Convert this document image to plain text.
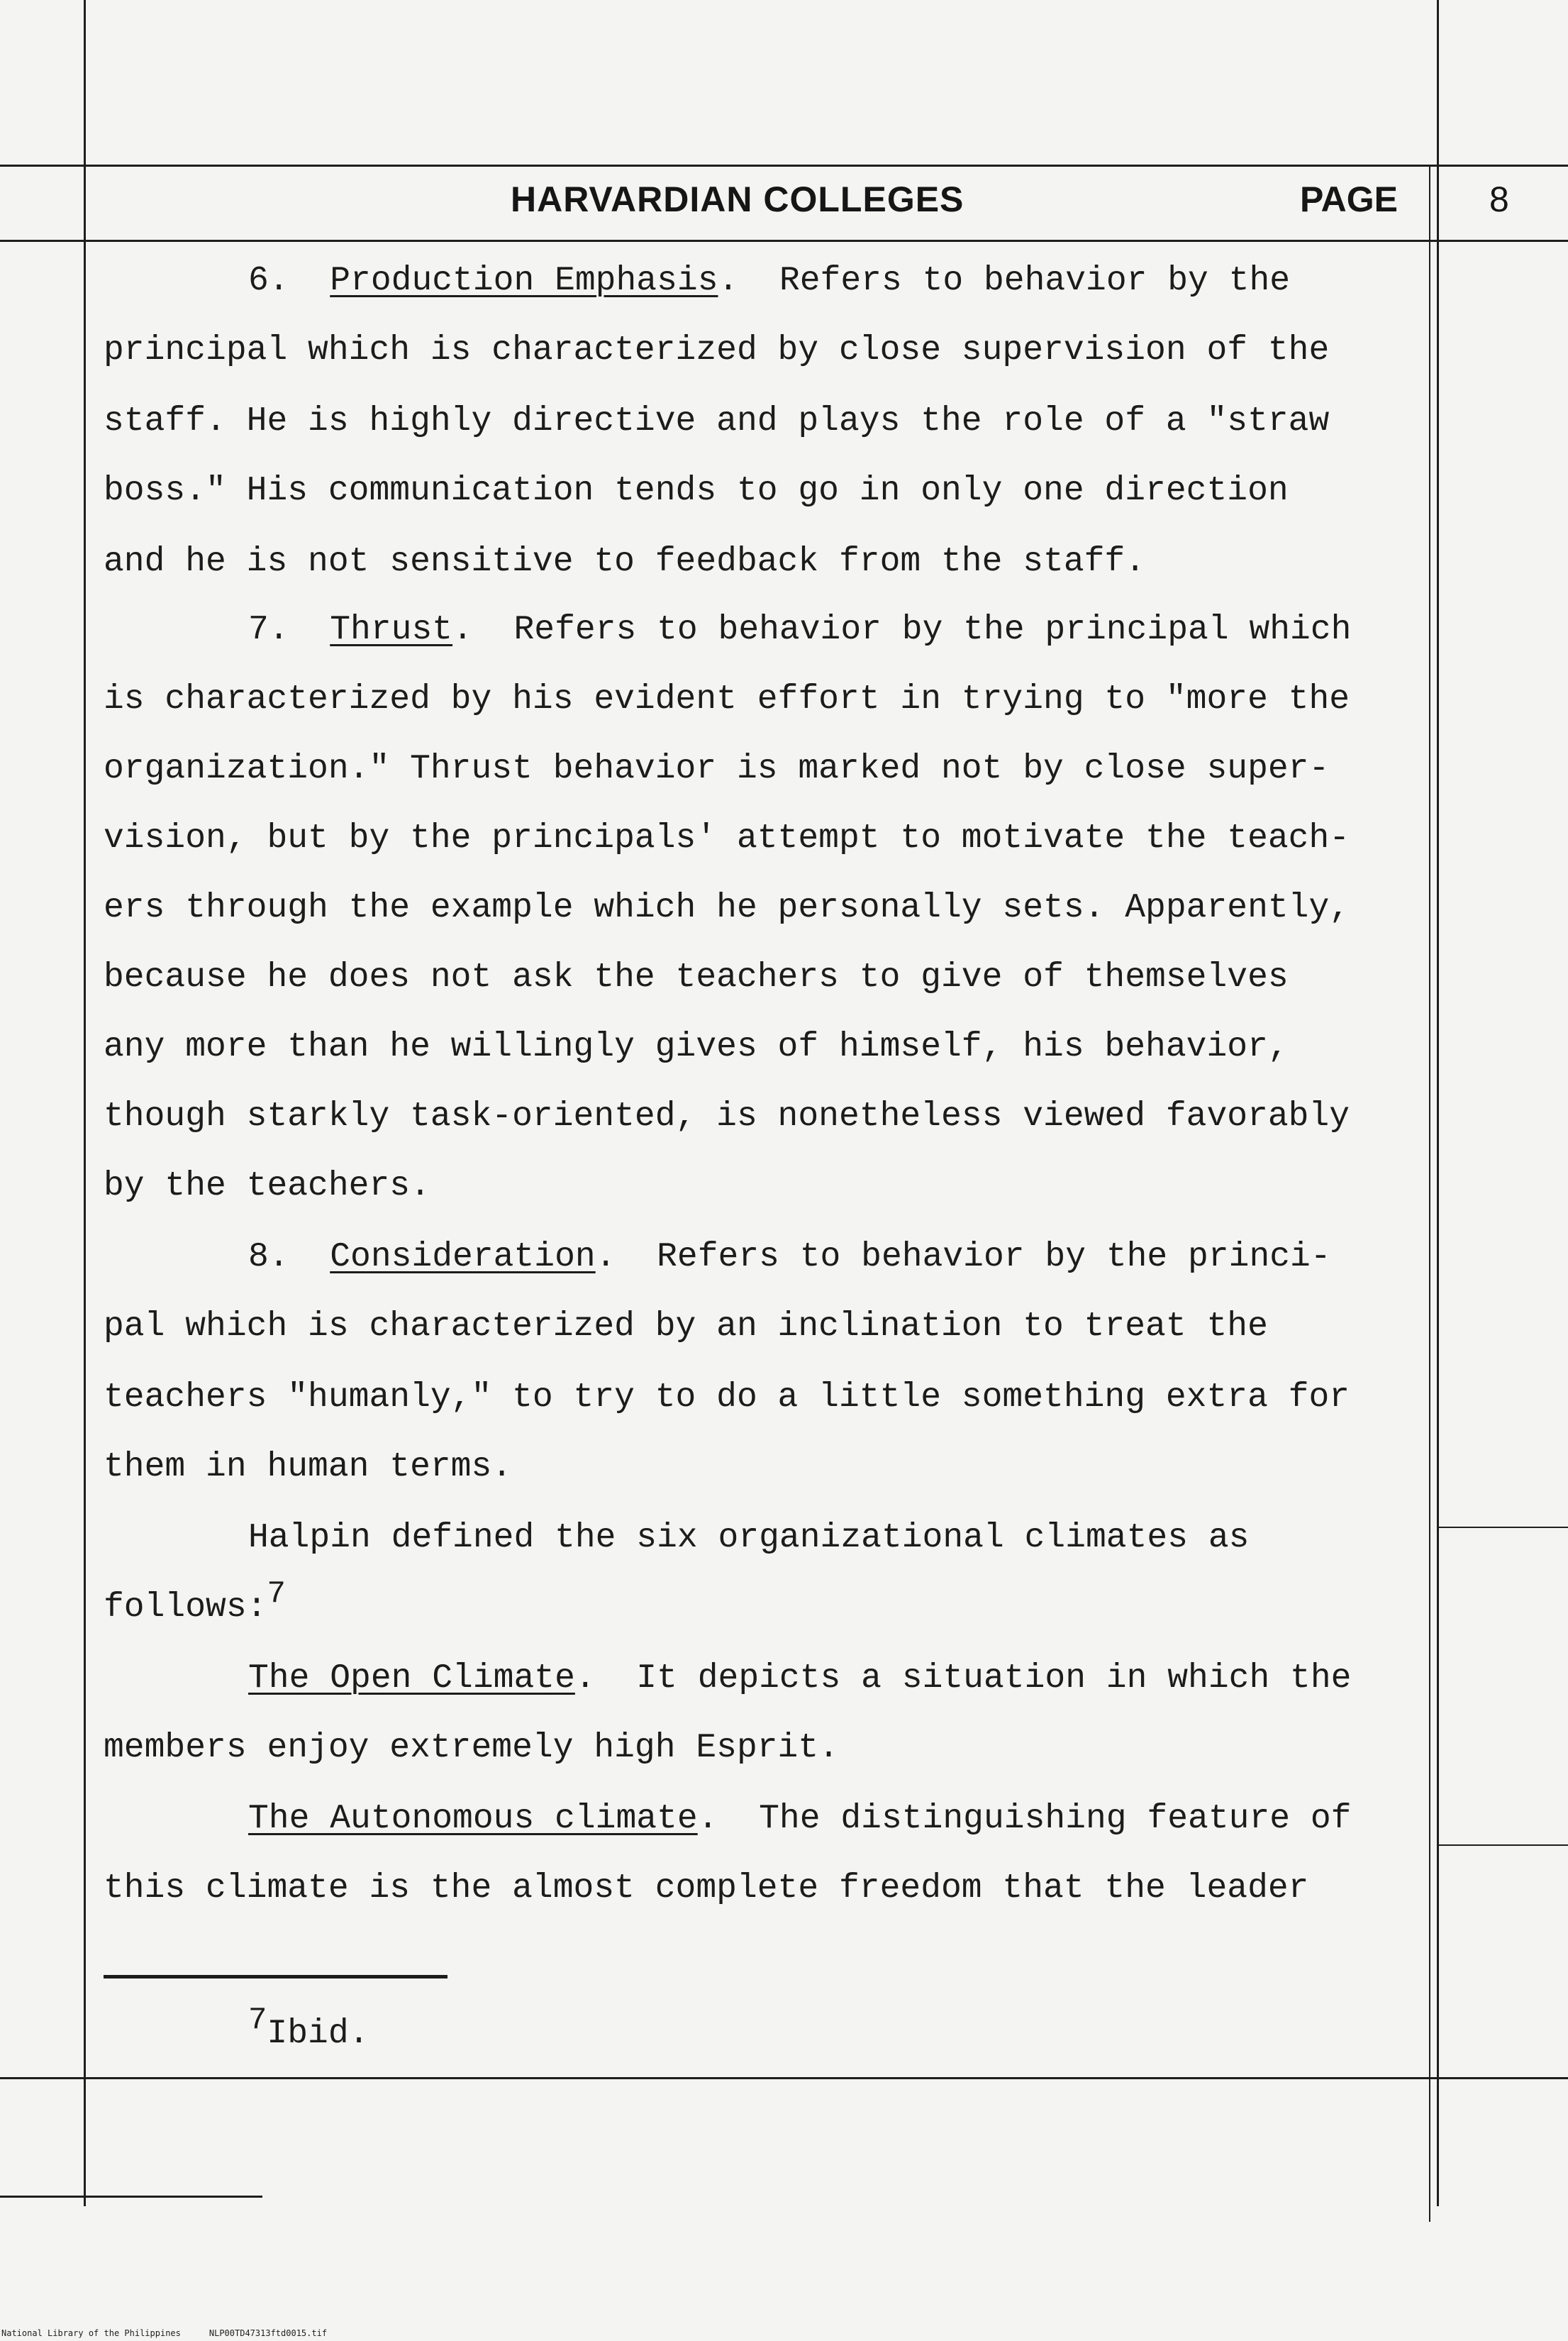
HARVARDIAN COLLEGES	PAGE	8
6. Production Emphasis.  Refers to behavior by the
principal which is characterized by close supervision of the
staff. He is highly directive and plays the role of a "straw
boss." His communication tends to go in only one direction
and he is not sensitive to feedback from the staff.
7. Thrust.  Refers to behavior by the principal which
is characterized by his evident effort in trying to "more the
organization." Thrust behavior is marked not by close super-
vision, but by the principals' attempt to motivate the teach-
ers through the example which he personally sets. Apparently,
because he does not ask the teachers to give of themselves
any more than he willingly gives of himself, his behavior,
though starkly task-oriented, is nonetheless viewed favorably
by the teachers.
8. Consideration.  Refers to behavior by the princi-
pal which is characterized by an inclination to treat the
teachers "humanly," to try to do a little something extra for
them in human terms.
Halpin defined the six organizational climates as
follows:$^7$
The Open Climate.  It depicts a situation in which the
members enjoy extremely high Esprit.
The Autonomous climate.  The distinguishing feature of
this climate is the almost complete freedom that the leader
$^7$Ibid.
National Library of the Philippines	NLP00TD47313ftd0015.tif
